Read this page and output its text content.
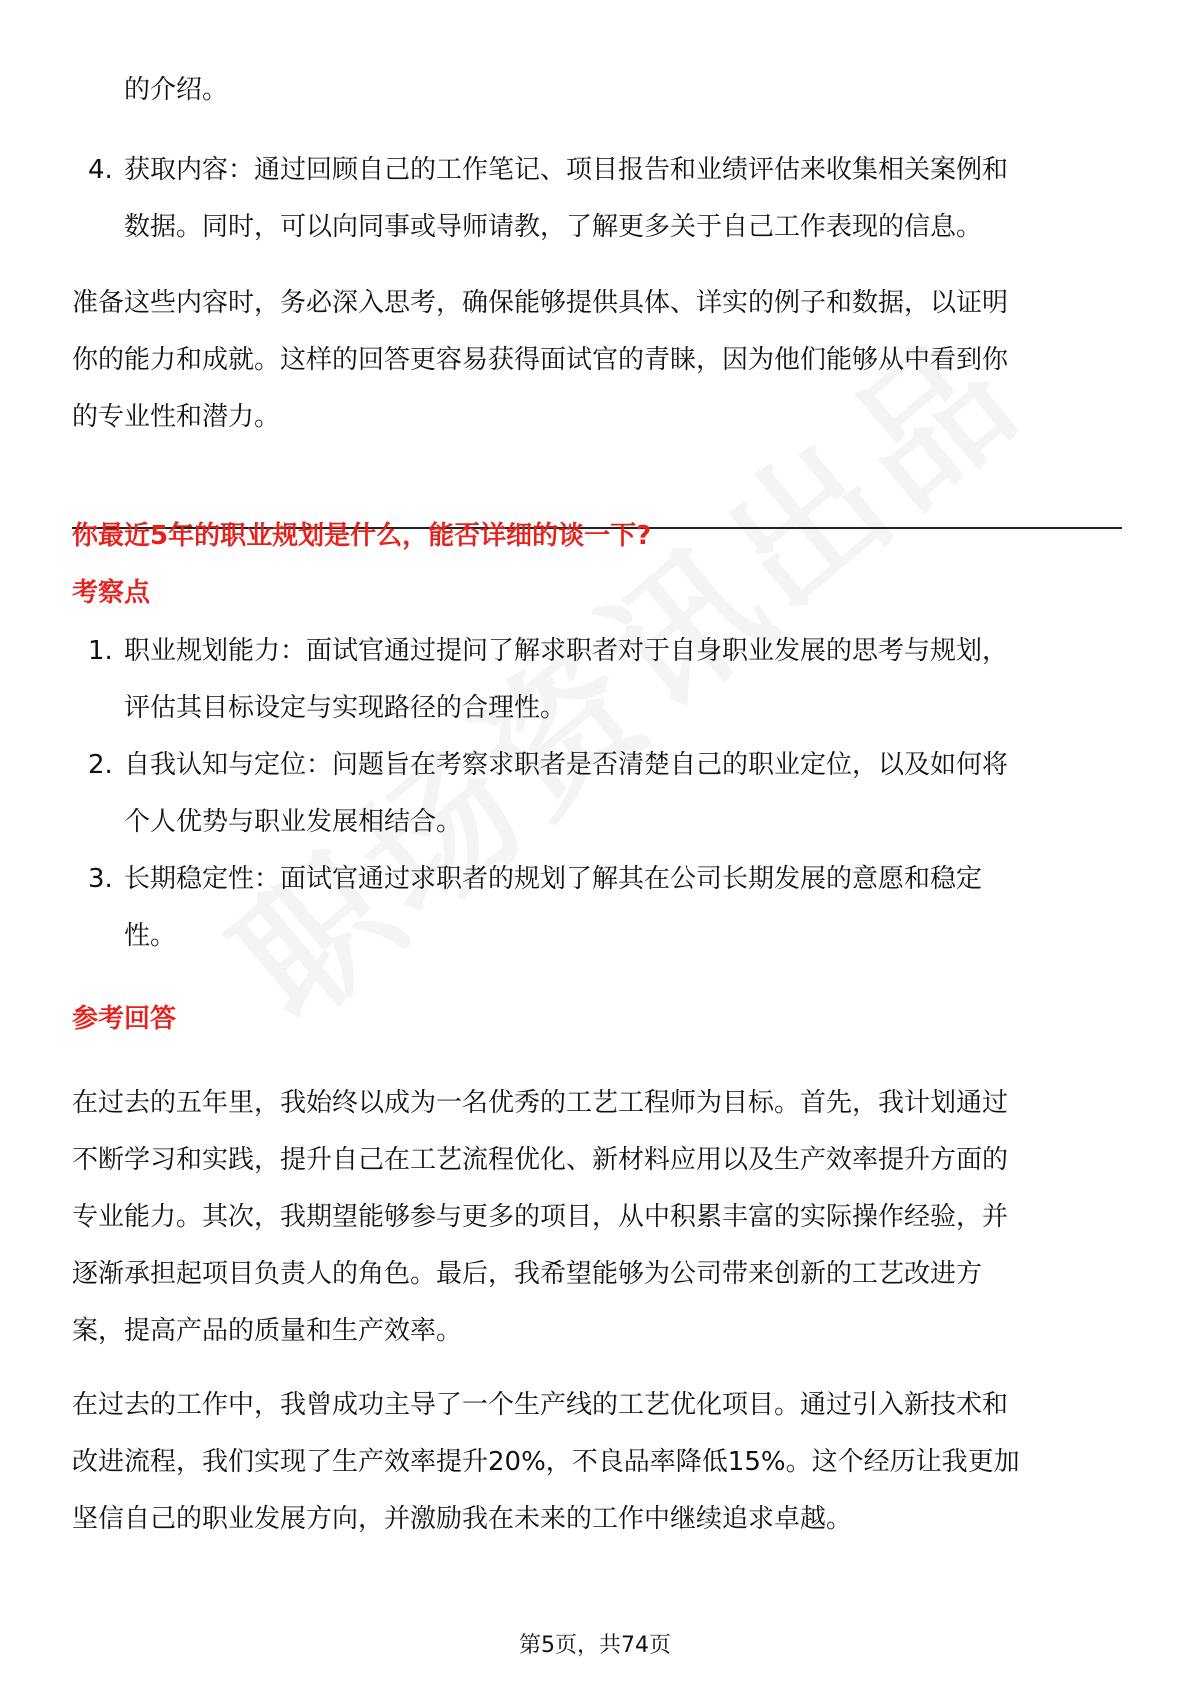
的介绍。
4. 获取内容：通过回顾自己的工作笔记、项目报告和业绩评估来收集相关案例和
数据。同时，可以向同事或导师请教，了解更多关于自己工作表现的信息。
准备这些内容时，务必深入思考，确保能够提供具体、详实的例子和数据，以证明
你的能力和成就。这样的回答更容易获得面试官的青睐，因为他们能够从中看到你
的专业性和潜力。
你最近5年的职业规划是什么，能否详细的谈一下?
考察点
1. 职业规划能力：面试官通过提问了解求职者对于自身职业发展的思考与规划，
评估其目标设定与实现路径的合理性。
2. 自我认知与定位：问题旨在考察求职者是否清楚自己的职业定位，以及如何将
个人优势与职业发展相结合。
3. 长期稳定性：面试官通过求职者的规划了解其在公司长期发展的意愿和稳定
性。
参考回答
在过去的五年里，我始终以成为一名优秀的工艺工程师为目标。首先，我计划通过
不断学习和实践，提升自己在工艺流程优化、新材料应用以及生产效率提升方面的
专业能力。其次，我期望能够参与更多的项目，从中积累丰富的实际操作经验，并
逐渐承担起项目负责人的角色。最后，我希望能够为公司带来创新的工艺改进方
案，提高产品的质量和生产效率。
在过去的工作中，我曾成功主导了一个生产线的工艺优化项目。通过引入新技术和
改进流程，我们实现了生产效率提升20%，不良品率降低15%。这个经历让我更加
坚信自己的职业发展方向，并激励我在未来的工作中继续追求卓越。
第5页，共74页
